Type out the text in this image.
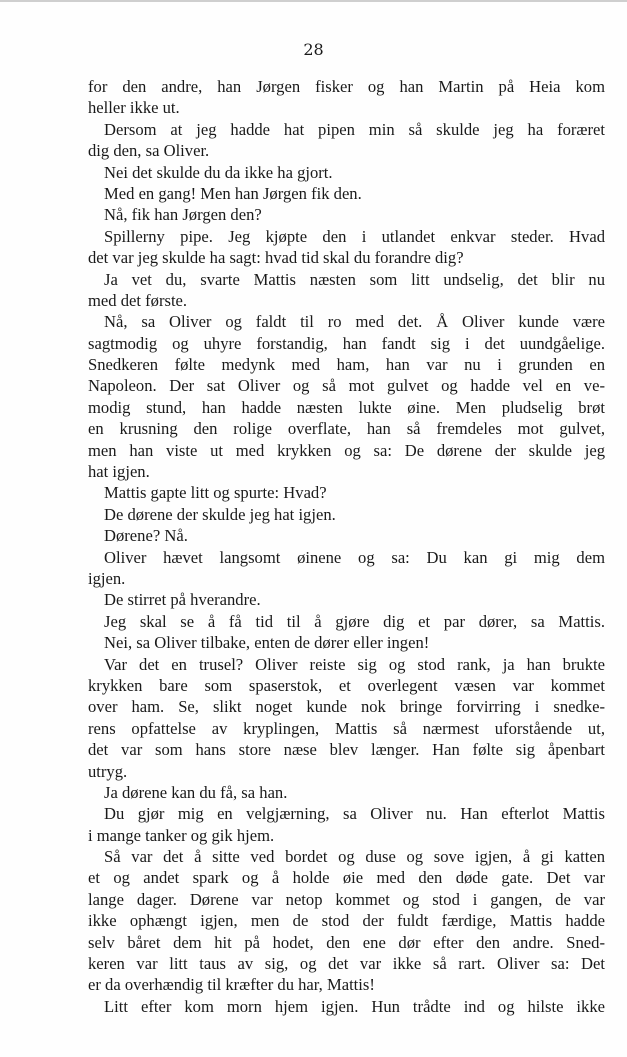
28
for den andre, han Jørgen fisker og han Martin på Heia kom
heller ikke ut.
Dersom at jeg hadde hat pipen min så skulde jeg ha foræret
dig den, sa Oliver.
Nei det skulde du da ikke ha gjort.
Med en gang! Men han Jørgen fik den.
Nå, fik han Jørgen den?
Spillerny pipe. Jeg kjøpte den i utlandet enkvar steder. Hvad
det var jeg skulde ha sagt: hvad tid skal du forandre dig?
Ja vet du, svarte Mattis næsten som litt undselig, det blir nu
med det første.
Nå, sa Oliver og faldt til ro med det. Å Oliver kunde være
sagtmodig og uhyre forstandig, han fandt sig i det uundgåelige.
Snedkeren følte medynk med ham, han var nu i grunden en
Napoleon. Der sat Oliver og så mot gulvet og hadde vel en ve-
modig stund, han hadde næsten lukte øine. Men pludselig brøt
en krusning den rolige overflate, han så fremdeles mot gulvet,
men han viste ut med krykken og sa: De dørene der skulde jeg
hat igjen.
Mattis gapte litt og spurte: Hvad?
De dørene der skulde jeg hat igjen.
Dørene? Nå.
Oliver hævet langsomt øinene og sa: Du kan gi mig dem
igjen.
De stirret på hverandre.
Jeg skal se å få tid til å gjøre dig et par dører, sa Mattis.
Nei, sa Oliver tilbake, enten de dører eller ingen!
Var det en trusel? Oliver reiste sig og stod rank, ja han brukte
krykken bare som spaserstok, et overlegent væsen var kommet
over ham. Se, slikt noget kunde nok bringe forvirring i snedke-
rens opfattelse av kryplingen, Mattis så nærmest uforstående ut,
det var som hans store næse blev længer. Han følte sig åpenbart
utryg.
Ja dørene kan du få, sa han.
Du gjør mig en velgjærning, sa Oliver nu. Han efterlot Mattis
i mange tanker og gik hjem.
Så var det å sitte ved bordet og duse og sove igjen, å gi katten
et og andet spark og å holde øie med den døde gate. Det var
lange dager. Dørene var netop kommet og stod i gangen, de var
ikke ophængt igjen, men de stod der fuldt færdige, Mattis hadde
selv båret dem hit på hodet, den ene dør efter den andre. Sned-
keren var litt taus av sig, og det var ikke så rart. Oliver sa: Det
er da overhændig til kræfter du har, Mattis!
Litt efter kom morn hjem igjen. Hun trådte ind og hilste ikke
